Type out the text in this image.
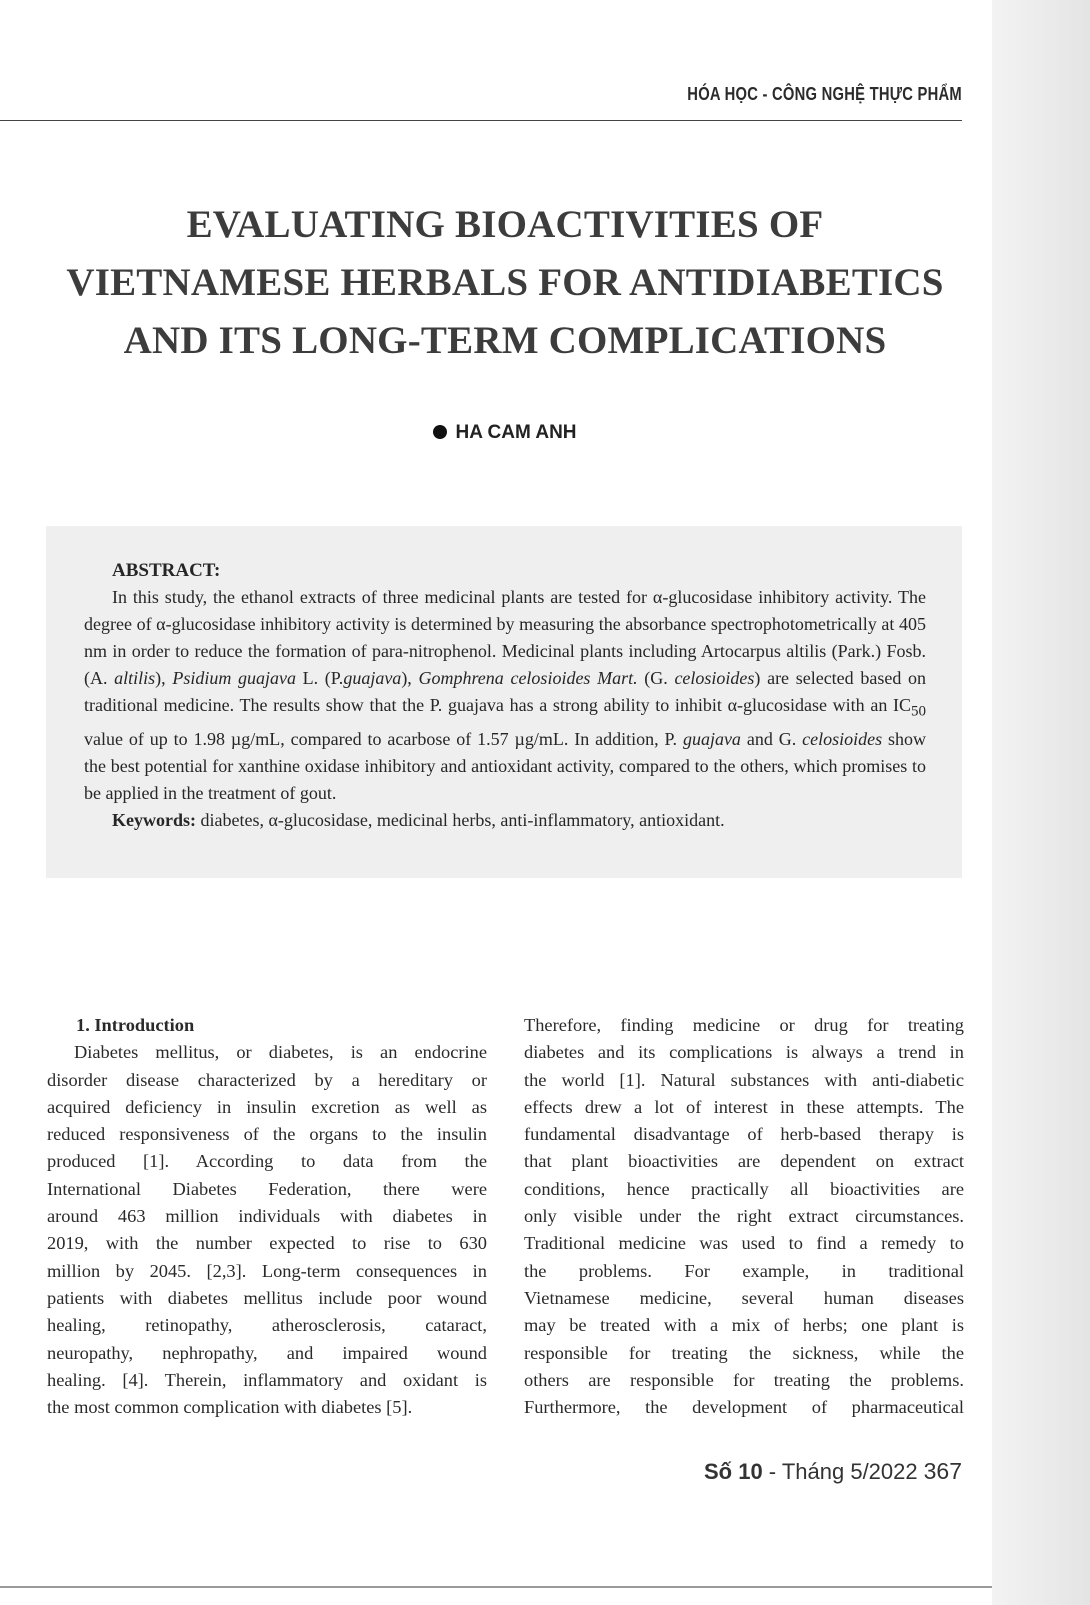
HÓA HỌC - CÔNG NGHỆ THỰC PHẨM
EVALUATING BIOACTIVITIES OF
VIETNAMESE HERBALS FOR ANTIDIABETICS
AND ITS LONG-TERM COMPLICATIONS
HA CAM ANH
ABSTRACT:

In this study, the ethanol extracts of three medicinal plants are tested for α-glucosidase inhibitory activity. The degree of α-glucosidase inhibitory activity is determined by measuring the absorbance spectrophotometrically at 405 nm in order to reduce the formation of para-nitrophenol. Medicinal plants including Artocarpus altilis (Park.) Fosb. (A. altilis), Psidium guajava L. (P.guajava), Gomphrena celosioides Mart. (G. celosioides) are selected based on traditional medicine. The results show that the P. guajava has a strong ability to inhibit α-glucosidase with an $IC_{50}$ value of up to 1.98 µg/mL, compared to acarbose of 1.57 µg/mL. In addition, P. guajava and G. celosioides show the best potential for xanthine oxidase inhibitory and antioxidant activity, compared to the others, which promises to be applied in the treatment of gout.

Keywords: diabetes, α-glucosidase, medicinal herbs, anti-inflammatory, antioxidant.

1. Introduction
Diabetes mellitus, or diabetes, is an endocrine
disorder disease characterized by a hereditary or
acquired deficiency in insulin excretion as well as
reduced responsiveness of the organs to the insulin
produced [1]. According to data from the
International Diabetes Federation, there were
around 463 million individuals with diabetes in
2019, with the number expected to rise to 630
million by 2045. [2,3]. Long-term consequences in
patients with diabetes mellitus include poor wound
healing, retinopathy, atherosclerosis, cataract,
neuropathy, nephropathy, and impaired wound
healing. [4]. Therein, inflammatory and oxidant is
the most common complication with diabetes [5].
Therefore, finding medicine or drug for treating
diabetes and its complications is always a trend in
the world [1]. Natural substances with anti-diabetic
effects drew a lot of interest in these attempts. The
fundamental disadvantage of herb-based therapy is
that plant bioactivities are dependent on extract
conditions, hence practically all bioactivities are
only visible under the right extract circumstances.
Traditional medicine was used to find a remedy to
the problems. For example, in traditional
Vietnamese medicine, several human diseases
may be treated with a mix of herbs; one plant is
responsible for treating the sickness, while the
others are responsible for treating the problems.
Furthermore, the development of pharmaceutical
Số 10 - Tháng 5/2022 367
